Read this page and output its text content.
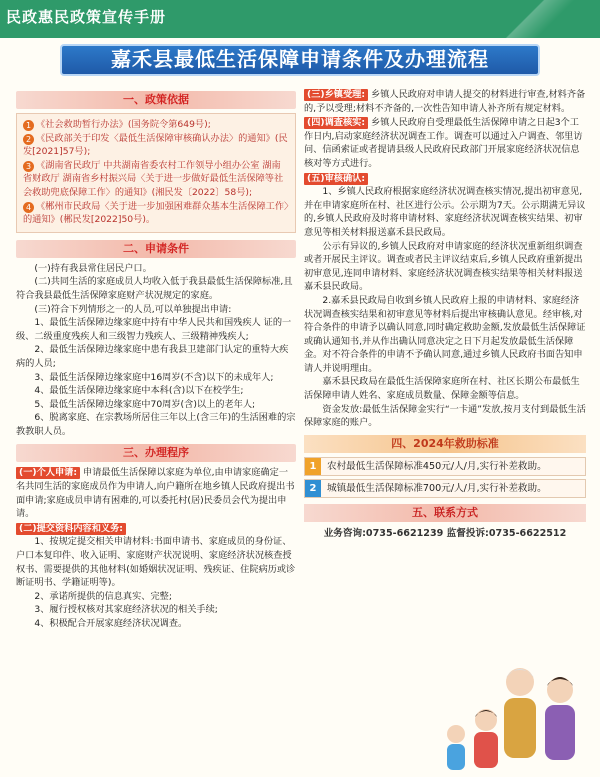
民政惠民政策宣传手册
嘉禾县最低生活保障申请条件及办理流程
一、政策依据

1 《社会救助暂行办法》(国务院令第649号);

2 《民政部关于印发〈最低生活保障审核确认办法〉的通知》(民发[2021]57号);

3 《湖南省民政厅 中共湖南省委农村工作领导小组办公室 湖南省财政厅 湖南省乡村振兴局〈关于进一步做好最低生活保障等社会救助兜底保障工作〉的通知》(湘民发〔2022〕58号);

4 《郴州市民政局〈关于进一步加强困难群众基本生活保障工作〉的通知》(郴民发[2022]50号)。

二、申请条件

(一)持有我县常住居民户口。

(二)共同生活的家庭成员人均收入低于我县最低生活保障标准,且符合我县最低生活保障家庭财产状况规定的家庭。

(三)符合下列情形之一的人员,可以单独提出申请:

1、最低生活保障边缘家庭中持有中华人民共和国残疾人 证的一级、二级重度残疾人和三级智力残疾人、三级精神残疾人;

2、最低生活保障边缘家庭中患有我县卫建部门认定的重特大疾病的人员;

3、最低生活保障边缘家庭中16周岁(不含)以下的未成年人;

4、最低生活保障边缘家庭中本科(含)以下在校学生;

5、最低生活保障边缘家庭中70周岁(含)以上的老年人;

6、脱离家庭、在宗教场所居住三年以上(含三年)的生活困难的宗教教职人员。

三、办理程序

(一)个人申请: 申请最低生活保障以家庭为单位,由申请家庭确定一名共同生活的家庭成员作为申请人,向户籍所在地乡镇人民政府提出书面申请;家庭成员申请有困难的,可以委托村(居)民委员会代为提出申请。

(二)提交资料内容和义务:

1、按规定提交相关申请材料:书面申请书、家庭成员的身份证、户口本复印件、收入证明、家庭财产状况说明、家庭经济状况核查授权书、需要提供的其他材料(如婚姻状况证明、残疾证、住院病历或诊断证明书、学籍证明等)。

2、承诺所提供的信息真实、完整;

3、履行授权核对其家庭经济状况的相关手续;

4、积极配合开展家庭经济状况调查。

(三)乡镇受理: 乡镇人民政府对申请人提交的材料进行审查,材料齐备的,予以受理;材料不齐备的,一次性告知申请人补齐所有规定材料。

(四)调查核实: 乡镇人民政府自受理最低生活保障申请之日起3个工作日内,启动家庭经济状况调查工作。调查可以通过入户调查、邻里访问、信函索证或者提请县级人民政府民政部门开展家庭经济状况信息核对等方式进行。

(五)审核确认:

1、乡镇人民政府根据家庭经济状况调查核实情况,提出初审意见,并在申请家庭所在村、社区进行公示。公示期为7天。公示期满无异议的,乡镇人民政府及时将申请材料、家庭经济状况调查核实结果、初审意见等相关材料报送嘉禾县民政局。

公示有异议的,乡镇人民政府对申请家庭的经济状况重新组织调查或者开展民主评议。调查或者民主评议结束后,乡镇人民政府重新提出初审意见,连同申请材料、家庭经济状况调查核实结果等相关材料报送嘉禾县民政局。

2.嘉禾县民政局自收到乡镇人民政府上报的申请材料、家庭经济状况调查核实结果和初审意见等材料后提出审核确认意见。经审核,对符合条件的申请予以确认同意,同时确定救助金额,发放最低生活保障证或确认通知书,并从作出确认同意决定之日下月起发放最低生活保障金。对不符合条件的申请不予确认同意,通过乡镇人民政府书面告知申请人并说明理由。

嘉禾县民政局在最低生活保障家庭所在村、社区长期公布最低生活保障申请人姓名、家庭成员数量、保障金额等信息。

资金发放:最低生活保障金实行“一卡通”发放,按月支付到最低生活保障家庭的账户。

四、2024年救助标准
1	农村最低生活保障标准450元/人/月,实行补差救助。
2	城镇最低生活保障标准700元/人/月,实行补差救助。
五、联系方式
业务咨询:0735-6621239 监督投诉:0735-6622512
